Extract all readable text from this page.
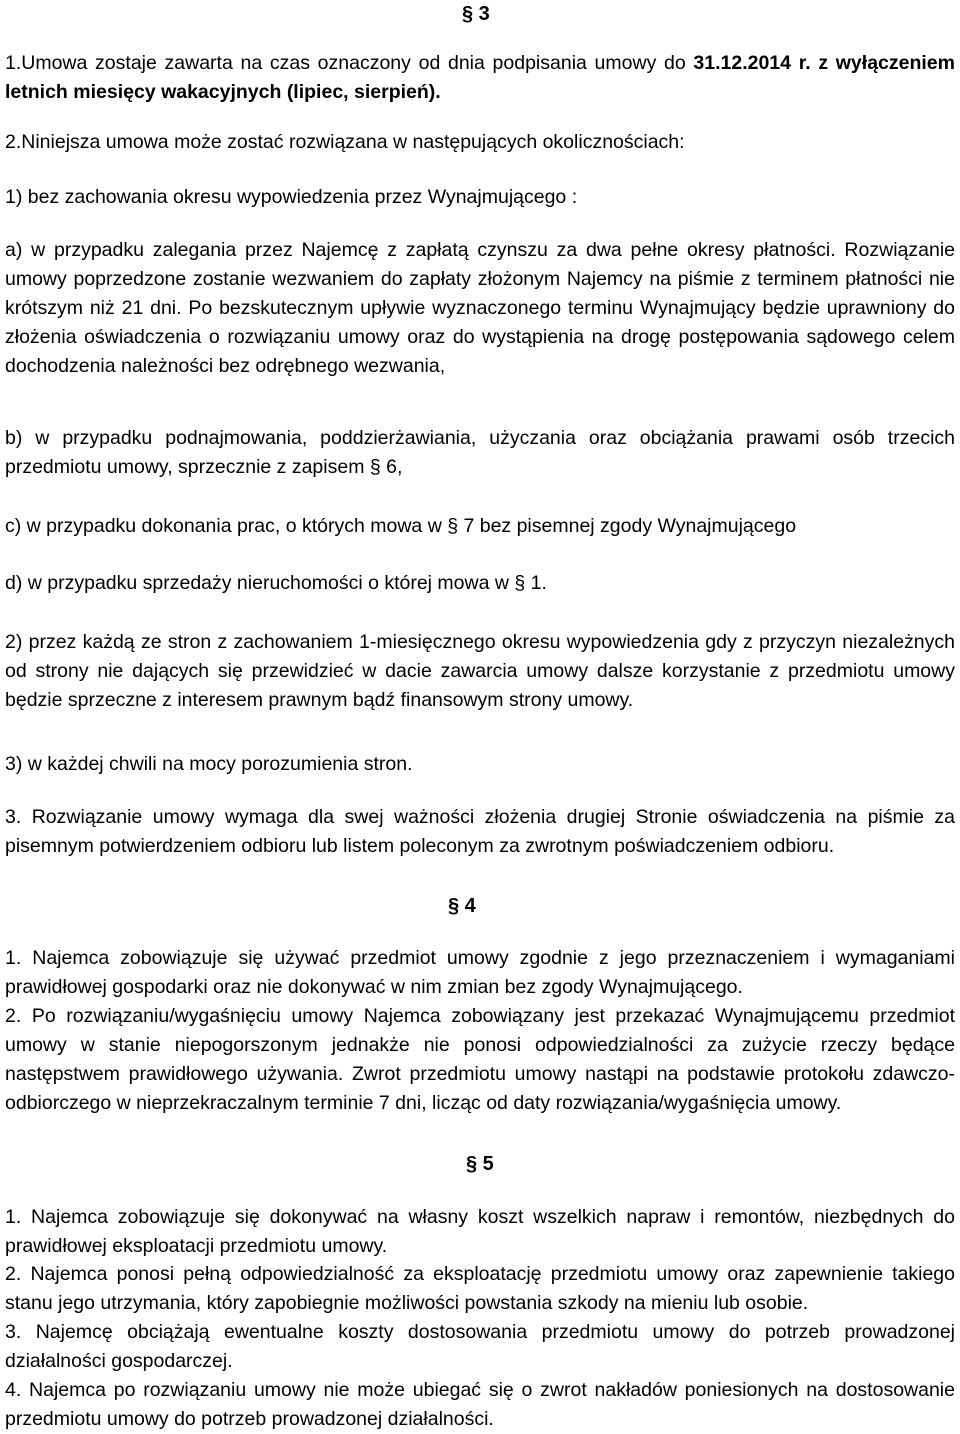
§ 3
1.Umowa zostaje zawarta na czas oznaczony od dnia podpisania umowy do 31.12.2014 r. z wyłączeniem letnich miesięcy wakacyjnych (lipiec, sierpień).
2.Niniejsza umowa może zostać rozwiązana w następujących okolicznościach:
1) bez zachowania okresu wypowiedzenia przez Wynajmującego :
a) w przypadku zalegania przez Najemcę z zapłatą czynszu za dwa pełne okresy płatności. Rozwiązanie umowy poprzedzone zostanie wezwaniem do zapłaty złożonym Najemcy na piśmie z terminem płatności nie krótszym niż 21 dni. Po bezskutecznym upływie wyznaczonego terminu Wynajmujący będzie uprawniony do złożenia oświadczenia o rozwiązaniu umowy oraz do wystąpienia na drogę postępowania sądowego celem dochodzenia należności bez odrębnego wezwania,
b) w przypadku podnajmowania, poddzierżawiania, użyczania oraz obciążania prawami osób trzecich przedmiotu umowy, sprzecznie z zapisem § 6,
c) w przypadku dokonania prac, o których mowa w § 7 bez pisemnej zgody Wynajmującego
d) w przypadku sprzedaży nieruchomości o której mowa w § 1.
2) przez każdą ze stron z zachowaniem 1-miesięcznego okresu wypowiedzenia gdy z przyczyn niezależnych od strony nie dających się przewidzieć w dacie zawarcia umowy dalsze korzystanie z przedmiotu umowy będzie sprzeczne z interesem prawnym bądź finansowym strony umowy.
3) w każdej chwili na mocy porozumienia stron.
3. Rozwiązanie umowy wymaga dla swej ważności złożenia drugiej Stronie oświadczenia na piśmie za pisemnym potwierdzeniem odbioru lub listem poleconym za zwrotnym poświadczeniem odbioru.
§ 4
1. Najemca zobowiązuje się używać przedmiot umowy zgodnie z jego przeznaczeniem i wymaganiami prawidłowej gospodarki oraz nie dokonywać w nim zmian bez zgody Wynajmującego.
2. Po rozwiązaniu/wygaśnięciu umowy Najemca zobowiązany jest przekazać Wynajmującemu przedmiot umowy w stanie niepogorszonym jednakże nie ponosi odpowiedzialności za zużycie rzeczy będące następstwem prawidłowego używania. Zwrot przedmiotu umowy nastąpi na podstawie protokołu zdawczo-odbiorczego w nieprzekraczalnym terminie 7 dni, licząc od daty rozwiązania/wygaśnięcia umowy.
§ 5
1. Najemca zobowiązuje się dokonywać na własny koszt wszelkich napraw i remontów, niezbędnych do prawidłowej eksploatacji przedmiotu umowy.
2. Najemca ponosi pełną odpowiedzialność za eksploatację przedmiotu umowy oraz zapewnienie takiego stanu jego utrzymania, który zapobiegnie możliwości powstania szkody na mieniu lub osobie.
3. Najemcę obciążają ewentualne koszty dostosowania przedmiotu umowy do potrzeb prowadzonej działalności gospodarczej.
4. Najemca po rozwiązaniu umowy nie może ubiegać się o zwrot nakładów poniesionych na dostosowanie przedmiotu umowy do potrzeb prowadzonej działalności.
